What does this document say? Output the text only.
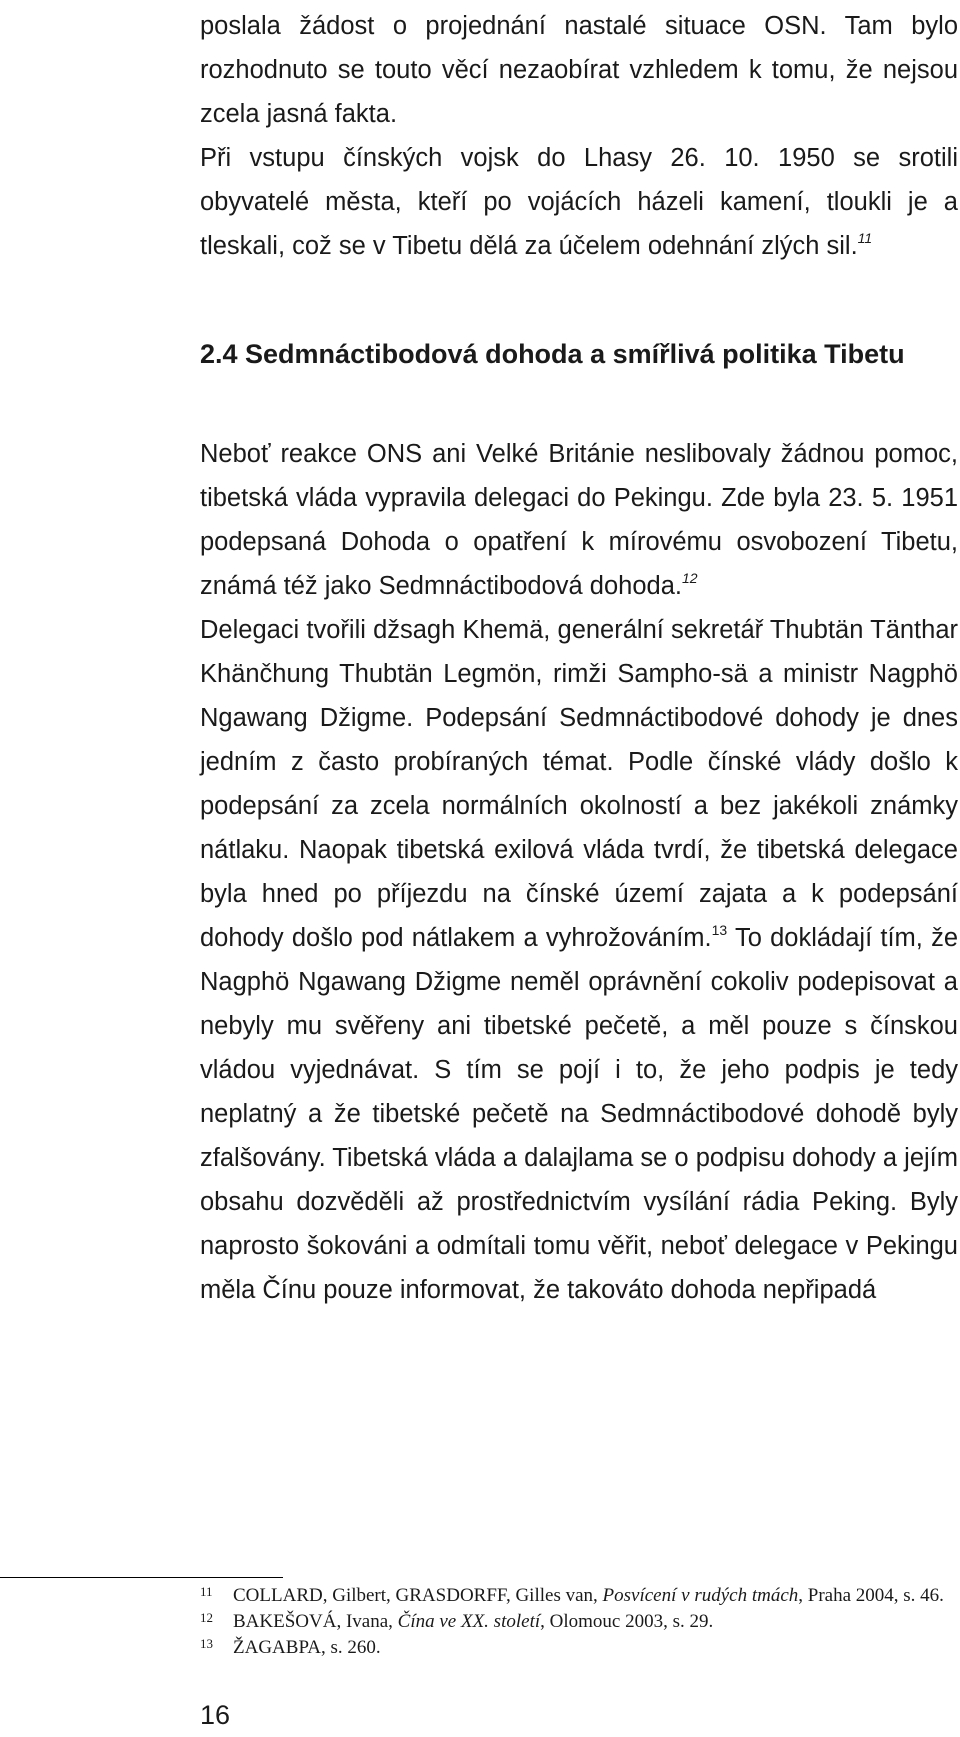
poslala žádost o projednání nastalé situace OSN. Tam bylo rozhodnuto se touto věcí nezaobírat vzhledem k tomu, že nejsou zcela jasná fakta.

Při vstupu čínských vojsk do Lhasy 26. 10. 1950 se srotili obyvatelé města, kteří po vojácích házeli kamení, tloukli je a tleskali, což se v Tibetu dělá za účelem odehnání zlých sil.$^{11}$

2.4 Sedmnáctibodová dohoda a smířlivá politika Tibetu

Neboť reakce ONS ani Velké Británie neslibovaly žádnou pomoc, tibetská vláda vypravila delegaci do Pekingu. Zde byla 23. 5. 1951 podepsaná Dohoda o opatření k mírovému osvobození Tibetu, známá též jako Sedmnáctibodová dohoda.$^{12}$

Delegaci tvořili džsagh Khemä, generální sekretář Thubtän Tänthar Khänčhung Thubtän Legmön, rimži Sampho-sä a ministr Nagphö Ngawang Džigme. Podepsání Sedmnáctibodové dohody je dnes jedním z často probíraných témat. Podle čínské vlády došlo k podepsání za zcela normálních okolností a bez jakékoli známky nátlaku. Naopak tibetská exilová vláda tvrdí, že tibetská delegace byla hned po příjezdu na čínské území zajata a k podepsání dohody došlo pod nátlakem a vyhrožováním.$^{13}$ To dokládají tím, že Nagphö Ngawang Džigme neměl oprávnění cokoliv podepisovat a nebyly mu svěřeny ani tibetské pečetě, a měl pouze s čínskou vládou vyjednávat. S tím se pojí i to, že jeho podpis je tedy neplatný a že tibetské pečetě na Sedmnáctibodové dohodě byly zfalšovány. Tibetská vláda a dalajlama se o podpisu dohody a jejím obsahu dozvěděli až prostřednictvím vysílání rádia Peking. Byly naprosto šokováni a odmítali tomu věřit, neboť delegace v Pekingu měla Čínu pouze informovat, že takováto dohoda nepřipadá

11 COLLARD, Gilbert, GRASDORFF, Gilles van, Posvícení v rudých tmách, Praha 2004, s. 46.

12 BAKEŠOVÁ, Ivana, Čína ve XX. století, Olomouc 2003, s. 29.

13 ŽAGABPA, s. 260.

16
